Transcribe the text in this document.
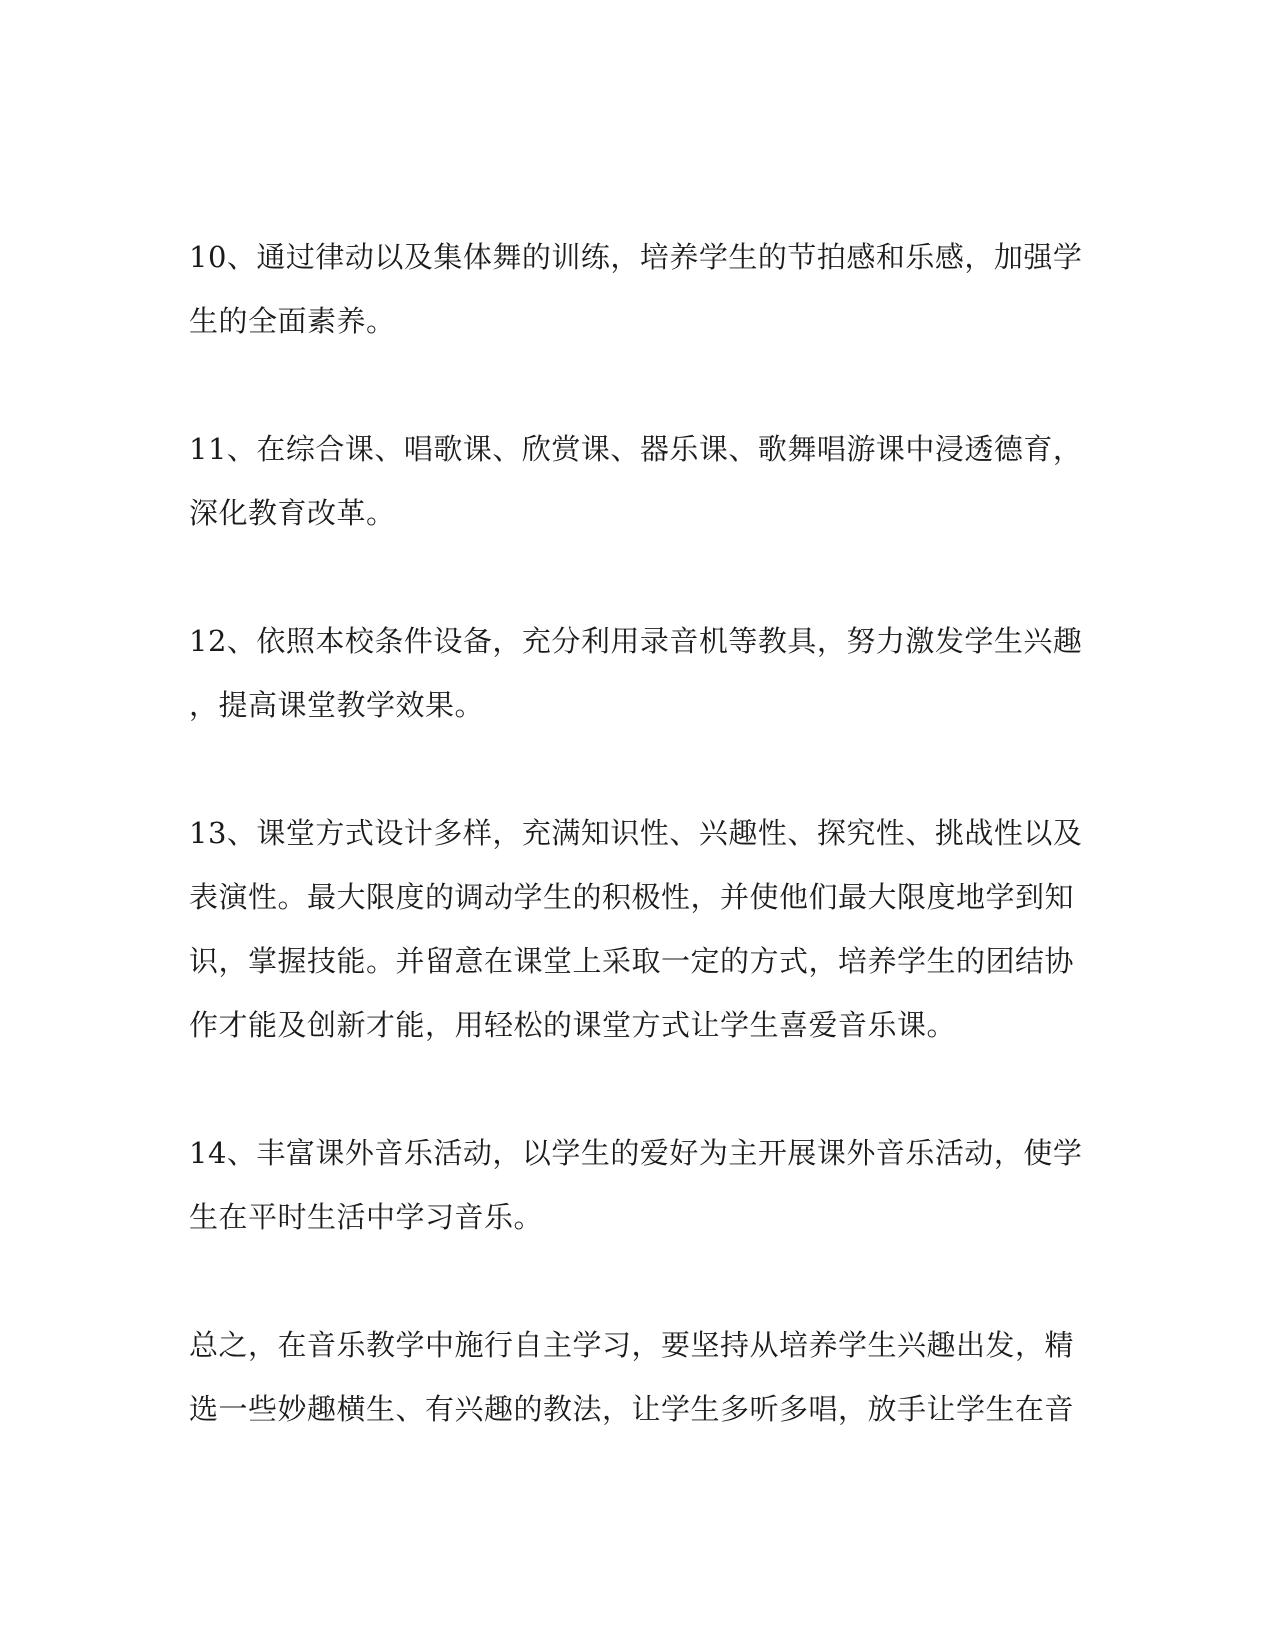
10、通过律动以及集体舞的训练，培养学生的节拍感和乐感，加强学
生的全面素养。
11、在综合课、唱歌课、欣赏课、器乐课、歌舞唱游课中浸透德育，
深化教育改革。
12、依照本校条件设备，充分利用录音机等教具，努力激发学生兴趣
，提高课堂教学效果。
13、课堂方式设计多样，充满知识性、兴趣性、探究性、挑战性以及
表演性。最大限度的调动学生的积极性，并使他们最大限度地学到知
识，掌握技能。并留意在课堂上采取一定的方式，培养学生的团结协
作才能及创新才能，用轻松的课堂方式让学生喜爱音乐课。
14、丰富课外音乐活动，以学生的爱好为主开展课外音乐活动，使学
生在平时生活中学习音乐。
总之，在音乐教学中施行自主学习，要坚持从培养学生兴趣出发，精
选一些妙趣横生、有兴趣的教法，让学生多听多唱，放手让学生在音
